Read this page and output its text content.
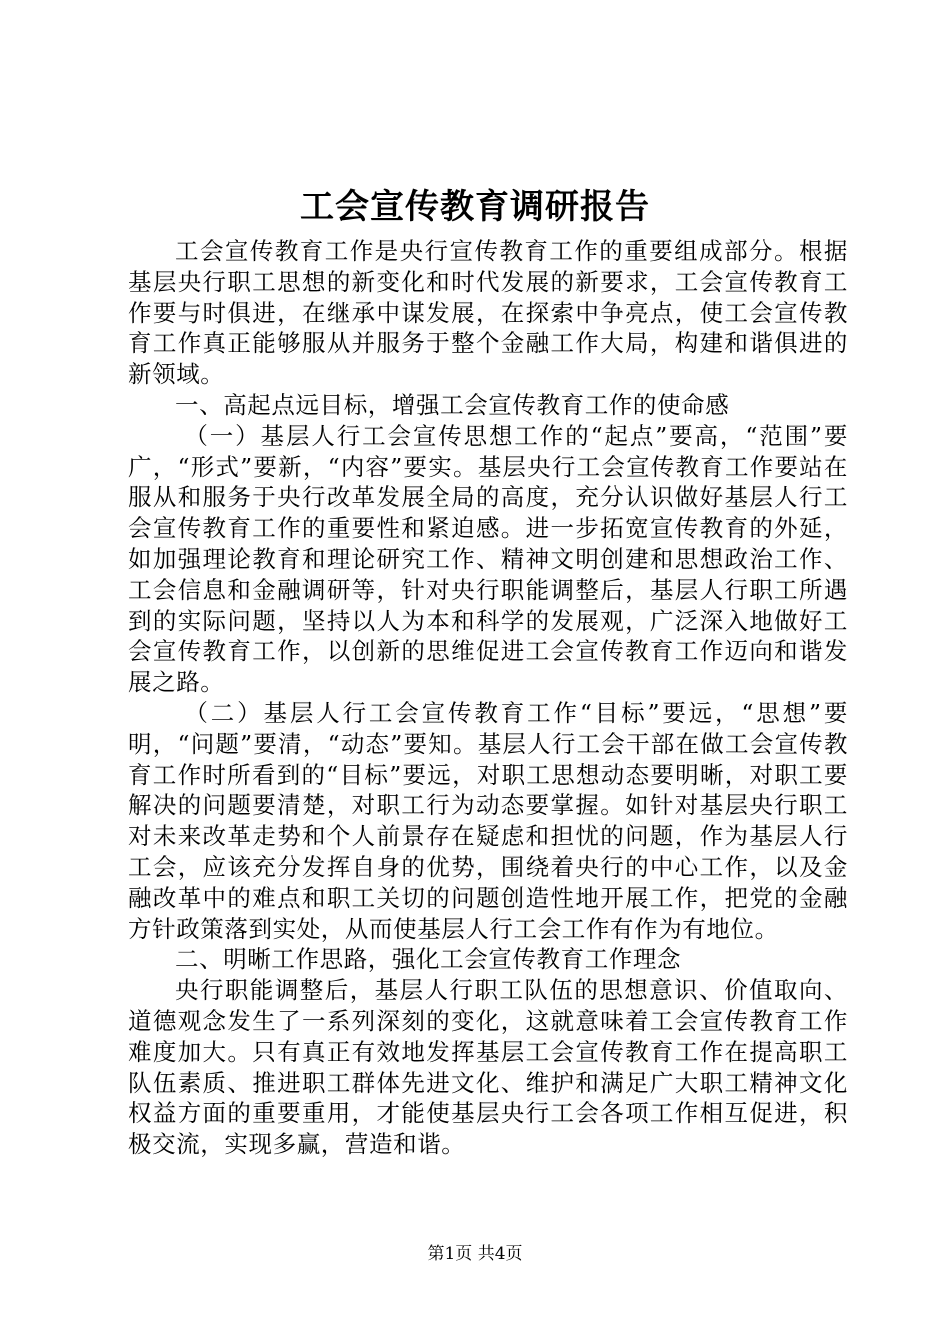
工会宣传教育调研报告

工会宣传教育工作是央行宣传教育工作的重要组成部分。根据基层央行职工思想的新变化和时代发展的新要求，工会宣传教育工作要与时俱进，在继承中谋发展，在探索中争亮点，使工会宣传教育工作真正能够服从并服务于整个金融工作大局，构建和谐俱进的新领域。

一、高起点远目标，增强工会宣传教育工作的使命感

（一）基层人行工会宣传思想工作的“起点”要高，“范围”要广，“形式”要新，“内容”要实。基层央行工会宣传教育工作要站在服从和服务于央行改革发展全局的高度，充分认识做好基层人行工会宣传教育工作的重要性和紧迫感。进一步拓宽宣传教育的外延，如加强理论教育和理论研究工作、精神文明创建和思想政治工作、工会信息和金融调研等，针对央行职能调整后，基层人行职工所遇到的实际问题，坚持以人为本和科学的发展观，广泛深入地做好工会宣传教育工作，以创新的思维促进工会宣传教育工作迈向和谐发展之路。

（二）基层人行工会宣传教育工作“目标”要远，“思想”要明，“问题”要清，“动态”要知。基层人行工会干部在做工会宣传教育工作时所看到的“目标”要远，对职工思想动态要明晰，对职工要解决的问题要清楚，对职工行为动态要掌握。如针对基层央行职工对未来改革走势和个人前景存在疑虑和担忧的问题，作为基层人行工会，应该充分发挥自身的优势，围绕着央行的中心工作，以及金融改革中的难点和职工关切的问题创造性地开展工作，把党的金融方针政策落到实处，从而使基层人行工会工作有作为有地位。

二、明晰工作思路，强化工会宣传教育工作理念

央行职能调整后，基层人行职工队伍的思想意识、价值取向、道德观念发生了一系列深刻的变化，这就意味着工会宣传教育工作难度加大。只有真正有效地发挥基层工会宣传教育工作在提高职工队伍素质、推进职工群体先进文化、维护和满足广大职工精神文化权益方面的重要重用，才能使基层央行工会各项工作相互促进，积极交流，实现多赢，营造和谐。

第1页 共4页
